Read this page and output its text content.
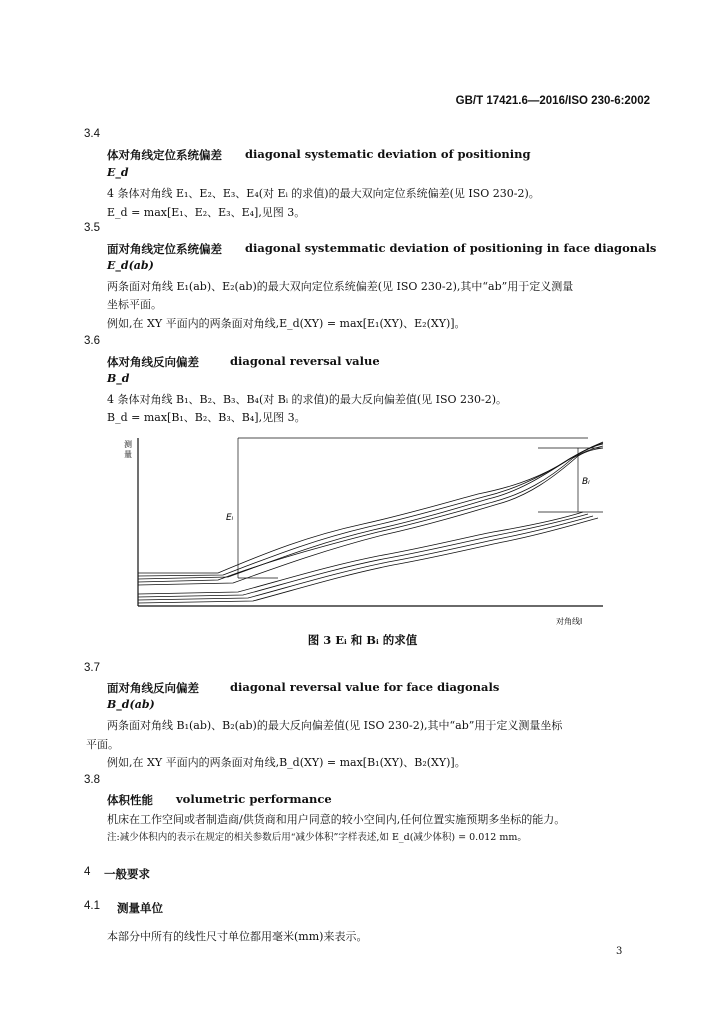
GB/T 17421.6—2016/ISO 230-6:2002
3.4
体对角线定位系统偏差 diagonal systematic deviation of positioning
E_d
4 条体对角线 E₁、E₂、E₃、E₄(对 Eᵢ 的求值)的最大双向定位系统偏差(见 ISO 230-2)。
E_d = max[E₁、E₂、E₃、E₄],见图 3。
3.5
面对角线定位系统偏差 diagonal systemmatic deviation of positioning in face diagonals
E_d(ab)
两条面对角线 E₁(ab)、E₂(ab)的最大双向定位系统偏差(见 ISO 230-2),其中“ab”用于定义测量
坐标平面。
例如,在 XY 平面内的两条面对角线,E_d(XY) = max[E₁(XY)、E₂(XY)]。
3.6
体对角线反向偏差	diagonal reversal value
B_d
4 条体对角线 B₁、B₂、B₃、B₄(对 Bᵢ 的求值)的最大反向偏差值(见 ISO 230-2)。
B_d = max[B₁、B₂、B₃、B₄],见图 3。
测
量
对角线l
Eᵢ
Bᵢ
图 3 Eᵢ 和 Bᵢ 的求值
3.7
面对角线反向偏差	diagonal reversal value for face diagonals
B_d(ab)
两条面对角线 B₁(ab)、B₂(ab)的最大反向偏差值(见 ISO 230-2),其中“ab”用于定义测量坐标
平面。
例如,在 XY 平面内的两条面对角线,B_d(XY) = max[B₁(XY)、B₂(XY)]。
3.8
体积性能 volumetric performance
机床在工作空间或者制造商/供货商和用户同意的较小空间内,任何位置实施预期多坐标的能力。
注:减少体积内的表示在规定的相关参数后用“减少体积”字样表述,如 E_d(减少体积) = 0.012 mm。
4 一般要求
4.1 测量单位
本部分中所有的线性尺寸单位都用毫米(mm)来表示。
3
